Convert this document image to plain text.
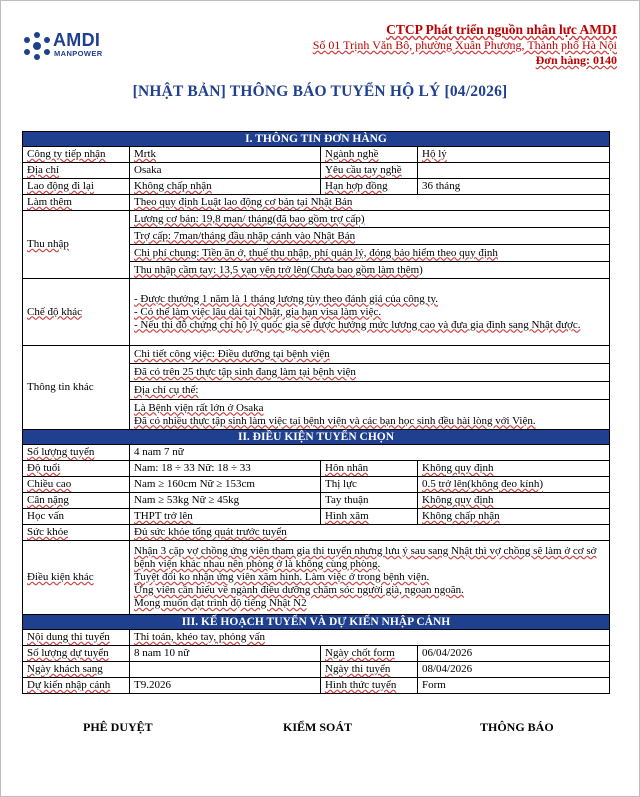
AMDI
MANPOWER
CTCP Phát triển nguồn nhân lực AMDI
Số 01 Trịnh Văn Bô, phường Xuân Phương, Thành phố Hà Nội
Đơn hàng: 0140
[NHẬT BẢN] THÔNG BÁO TUYỂN HỘ LÝ [04/2026]
I. THÔNG TIN ĐƠN HÀNG			
Công ty tiếp nhận	Mrtk	Ngành nghề	Hộ lý
Địa chỉ	Osaka	Yêu cầu tay nghề	
Lao động đi lại	Không chấp nhận	Hạn hợp đồng	36 tháng
Làm thêm	Theo quy định Luật lao động cơ bản tại Nhật Bản		
Thu nhập	Lương cơ bản: 19,8 man/ tháng(đã bao gồm trợ cấp)		
	Trợ cấp: 7man/tháng đầu nhập cảnh vào Nhật Bản		
	Chi phí chung: Tiền ăn ở, thuế thu nhập, phí quản lý, đóng bảo hiểm theo quy định		
	Thu nhập cầm tay: 13,5 vạn yên trở lên(Chưa bao gồm làm thêm)		
Chế độ khác	- Được thưởng 1 năm là 1 tháng lương tùy theo đánh giá của công ty.
- Có thể làm việc lâu dài tại Nhật, gia hạn visa làm việc.
- Nếu thi đỗ chứng chỉ hộ lý quốc gia sẽ được hưởng mức lương cao và đưa gia đình sang Nhật được.		

Thông tin khác	Chi tiết công việc: Điều dưỡng tại bệnh viện		
	Đã có trên 25 thực tập sinh đang làm tại bệnh viện		
	Địa chỉ cụ thể:		

	Là Bệnh viện rất lớn ở Osaka
Đã có nhiều thực tập sinh làm việc tại bệnh viện và các bạn học sinh đều hài lòng với Viện.		

II. ĐIỀU KIỆN TUYỂN CHỌN			
Số lượng tuyển	4 nam 7 nữ		
Độ tuổi	Nam: 18 ÷ 33 Nữ: 18 ÷ 33	Hôn nhân	Không quy định
Chiều cao	Nam ≥ 160cm Nữ ≥ 153cm	Thị lực	0.5 trở lên(không đeo kính)
Cân nặng	Nam ≥ 53kg Nữ ≥ 45kg	Tay thuận	Không quy định
Học vấn	THPT trở lên	Hình xăm	Không chấp nhận
Sức khỏe	Đủ sức khỏe tổng quát trước tuyển		
Điều kiện khác	Nhận 3 cặp vợ chồng ứng viên tham gia thi tuyển nhưng lưu ý sau sang Nhật thì vợ chồng sẽ làm ở cơ sở bệnh viện khác nhau nên phòng ở là không cùng phòng.
Tuyệt đối ko nhận ứng viên xăm hình. Làm việc ở trong bệnh viện.
Ứng viên cần hiểu về ngành điều dưỡng chăm sóc người già, ngoan ngoãn.
Mong muốn đạt trình độ tiếng Nhật N2		

III. KẾ HOẠCH TUYỂN VÀ DỰ KIẾN NHẬP CẢNH			
Nội dung thi tuyển	Thi toán, khéo tay, phỏng vấn		
Số lượng dự tuyển	8 nam 10 nữ	Ngày chốt form	06/04/2026
Ngày khách sang		Ngày thi tuyển	08/04/2026
Dự kiến nhập cảnh	T9.2026	Hình thức tuyển	Form
PHÊ DUYỆT	KIỂM SOÁT	THÔNG BÁO
